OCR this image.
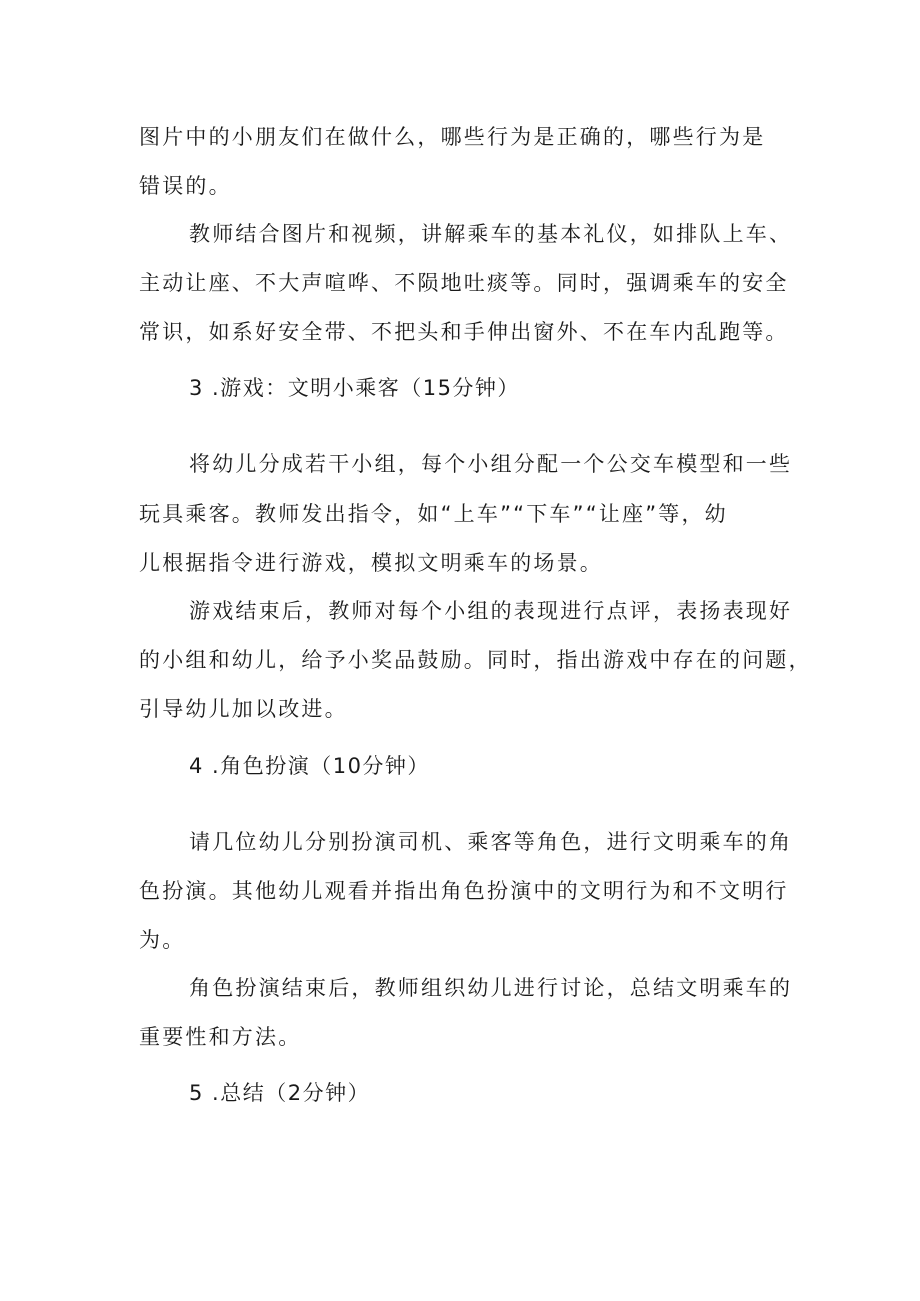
图片中的小朋友们在做什么，哪些行为是正确的，哪些行为是
错误的。
教师结合图片和视频，讲解乘车的基本礼仪，如排队上车、
主动让座、不大声喧哗、不陨地吐痰等。同时，强调乘车的安全
常识，如系好安全带、不把头和手伸出窗外、不在车内乱跑等。
3 .游戏：文明小乘客（15分钟）
将幼儿分成若干小组，每个小组分配一个公交车模型和一些
玩具乘客。教师发出指令，如“上车”“下车”“让座”等，幼
儿根据指令进行游戏，模拟文明乘车的场景。
游戏结束后，教师对每个小组的表现进行点评，表扬表现好
的小组和幼儿，给予小奖品鼓励。同时，指出游戏中存在的问题，
引导幼儿加以改进。
4 .角色扮演（10分钟）
请几位幼儿分别扮演司机、乘客等角色，进行文明乘车的角
色扮演。其他幼儿观看并指出角色扮演中的文明行为和不文明行
为。
角色扮演结束后，教师组织幼儿进行讨论，总结文明乘车的
重要性和方法。
5 .总结（2分钟）
